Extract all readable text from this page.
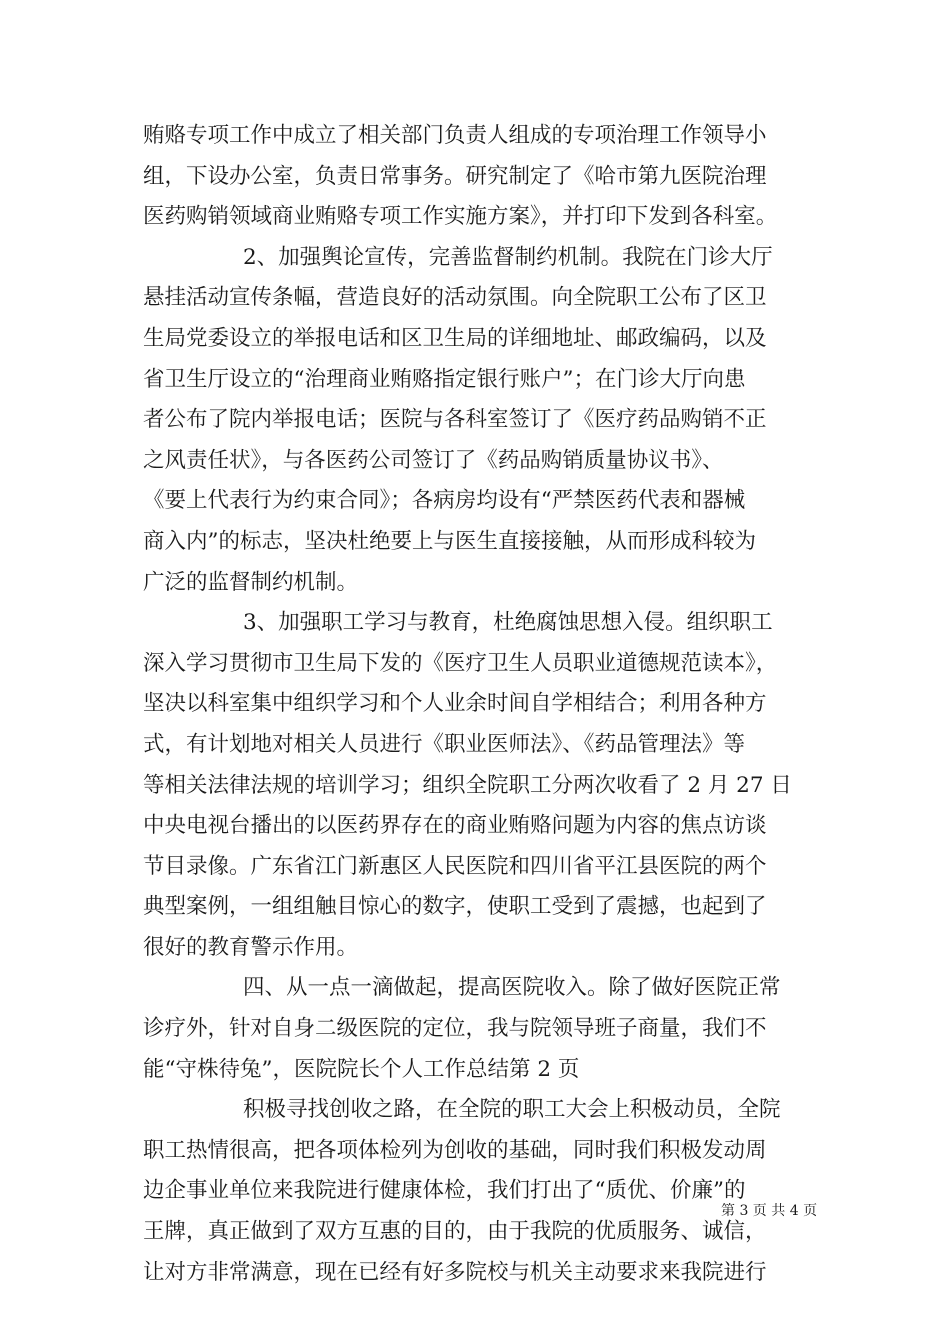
贿赂专项工作中成立了相关部门负责人组成的专项治理工作领导小
组，下设办公室，负责日常事务。研究制定了《哈市第九医院治理
医药购销领域商业贿赂专项工作实施方案》，并打印下发到各科室。
2、加强舆论宣传，完善监督制约机制。我院在门诊大厅
悬挂活动宣传条幅，营造良好的活动氛围。向全院职工公布了区卫
生局党委设立的举报电话和区卫生局的详细地址、邮政编码，以及
省卫生厅设立的“治理商业贿赂指定银行账户”；在门诊大厅向患
者公布了院内举报电话；医院与各科室签订了《医疗药品购销不正
之风责任状》，与各医药公司签订了《药品购销质量协议书》、
《要上代表行为约束合同》；各病房均设有“严禁医药代表和器械
商入内”的标志，坚决杜绝要上与医生直接接触，从而形成科较为
广泛的监督制约机制。
3、加强职工学习与教育，杜绝腐蚀思想入侵。组织职工
深入学习贯彻市卫生局下发的《医疗卫生人员职业道德规范读本》，
坚决以科室集中组织学习和个人业余时间自学相结合；利用各种方
式，有计划地对相关人员进行《职业医师法》、《药品管理法》等
等相关法律法规的培训学习；组织全院职工分两次收看了 2 月 27 日
中央电视台播出的以医药界存在的商业贿赂问题为内容的焦点访谈
节目录像。广东省江门新惠区人民医院和四川省平江县医院的两个
典型案例，一组组触目惊心的数字，使职工受到了震撼，也起到了
很好的教育警示作用。
四、从一点一滴做起，提高医院收入。除了做好医院正常
诊疗外，针对自身二级医院的定位，我与院领导班子商量，我们不
能“守株待兔”，医院院长个人工作总结第 2 页
积极寻找创收之路，在全院的职工大会上积极动员，全院
职工热情很高，把各项体检列为创收的基础，同时我们积极发动周
边企事业单位来我院进行健康体检，我们打出了“质优、价廉”的
王牌，真正做到了双方互惠的目的，由于我院的优质服务、诚信，
让对方非常满意，现在已经有好多院校与机关主动要求来我院进行
第 3 页 共 4 页
